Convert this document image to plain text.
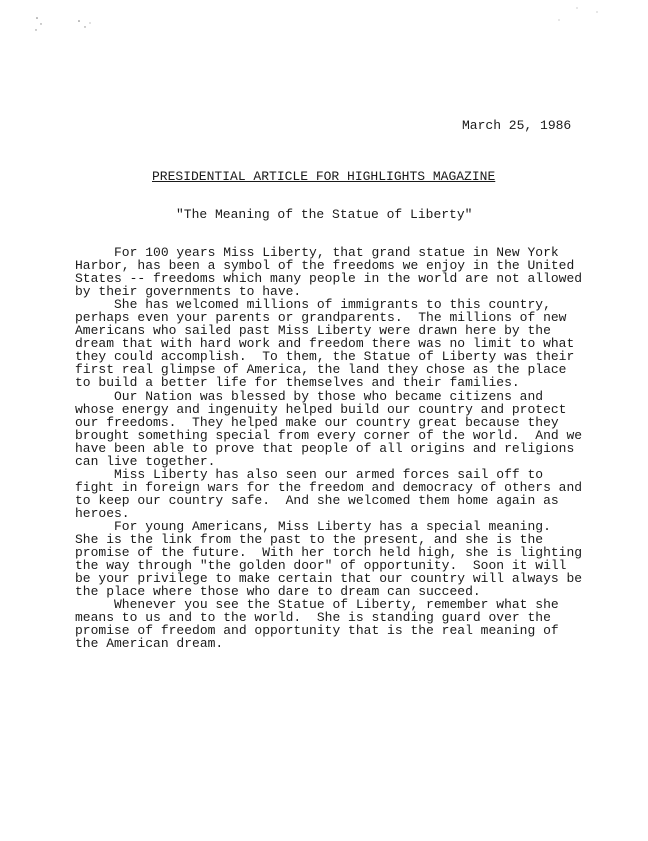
March 25, 1986
PRESIDENTIAL ARTICLE FOR HIGHLIGHTS MAGAZINE
"The Meaning of the Statue of Liberty"
For 100 years Miss Liberty, that grand statue in New York
Harbor, has been a symbol of the freedoms we enjoy in the United
States -- freedoms which many people in the world are not allowed
by their governments to have.
She has welcomed millions of immigrants to this country,
perhaps even your parents or grandparents.  The millions of new
Americans who sailed past Miss Liberty were drawn here by the
dream that with hard work and freedom there was no limit to what
they could accomplish.  To them, the Statue of Liberty was their
first real glimpse of America, the land they chose as the place
to build a better life for themselves and their families.
Our Nation was blessed by those who became citizens and
whose energy and ingenuity helped build our country and protect
our freedoms.  They helped make our country great because they
brought something special from every corner of the world.  And we
have been able to prove that people of all origins and religions
can live together.
Miss Liberty has also seen our armed forces sail off to
fight in foreign wars for the freedom and democracy of others and
to keep our country safe.  And she welcomed them home again as
heroes.
For young Americans, Miss Liberty has a special meaning.
She is the link from the past to the present, and she is the
promise of the future.  With her torch held high, she is lighting
the way through "the golden door" of opportunity.  Soon it will
be your privilege to make certain that our country will always be
the place where those who dare to dream can succeed.
Whenever you see the Statue of Liberty, remember what she
means to us and to the world.  She is standing guard over the
promise of freedom and opportunity that is the real meaning of
the American dream.
